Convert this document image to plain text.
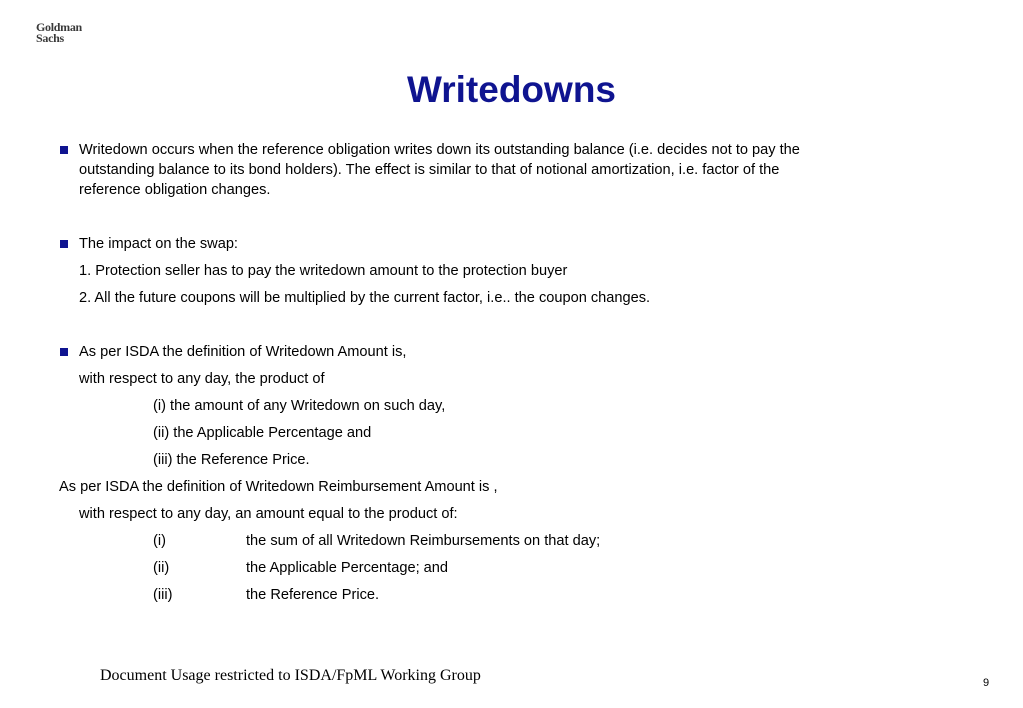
Goldman
Sachs
Writedowns
Writedown occurs when the reference obligation writes down its outstanding balance (i.e. decides not to pay the
outstanding balance to its bond holders). The effect is similar to that of notional amortization, i.e. factor of the
reference obligation changes.
The impact on the swap:
1. Protection seller has to pay the writedown amount to the protection buyer
2. All the future coupons will be multiplied by the current factor, i.e.. the coupon changes.
As per ISDA the definition of Writedown Amount is,
with respect to any day, the product of
(i) the amount of any Writedown on such day,
(ii) the Applicable Percentage and
(iii) the Reference Price.
As per ISDA the definition of Writedown Reimbursement Amount is ,
with respect to any day, an amount equal to the product of:
(i)	the sum of all Writedown Reimbursements on that day;
(ii)	the Applicable Percentage; and
(iii)	the Reference Price.
Document Usage restricted to ISDA/FpML Working Group	9
